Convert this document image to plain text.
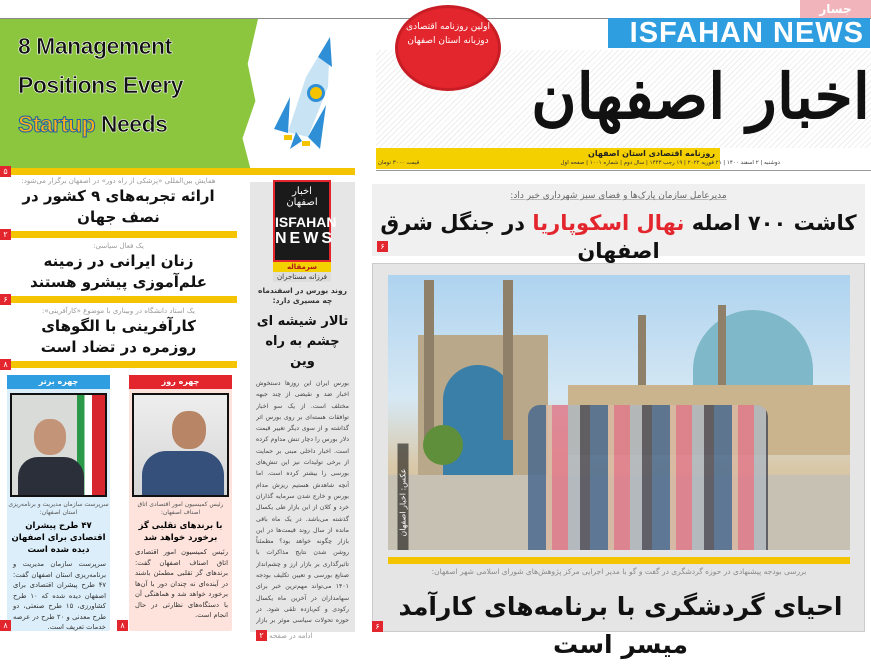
8 Management
Positions Every
Startup Needs
۵
همایش بین‌المللی «پزشکی از راه دور» در اصفهان برگزار می‌شود:
ارائه تجربه‌های ۹ کشور در نصف جهان
۲
یک فعال سیاسی:
زنان ایرانی در زمینه علم‌آموزی پیشرو هستند
۶
یک استاد دانشگاه در وبیناری با موضوع «کارآفرینی»:
کارآفرینی با الگوهای روزمره در تضاد است
۸
چهره برتر
سرپرست سازمان مدیریت و برنامه‌ریزی استان اصفهان:
۴۷ طرح پیشران اقتصادی برای اصفهان دیده شده است
سرپرست سازمان مدیریت و برنامه‌ریزی استان اصفهان گفت: ۴۷ طرح پیشران اقتصادی برای اصفهان دیده شده که ۱۰ طرح کشاورزی، ۱۵ طرح صنعتی، دو طرح معدنی و ۲۰ طرح در عرصه خدمات تعریف است.
۸
چهره روز
رئیس کمیسیون امور اقتصادی اتاق اصناف اصفهان:
با برندهای تقلبی گز برخورد خواهد شد
رئیس کمیسیون امور اقتصادی اتاق اصناف اصفهان گفت: برندهای گز تقلبی مطمئن باشند در آینده‌ای نه چندان دور با آن‌ها برخورد خواهد شد و هماهنگی آن با دستگاه‌های نظارتی در حال انجام است.
۸
روند بورس در اسفندماه چه مسیری دارد:
تالار شیشه ای چشم به راه وین
بورس ایران این روزها دستخوش اخبار ضد و نقیضی از چند جبهه مختلف است. از یک سو اخبار توافقات هسته‌ای بر روی بورس اثر گذاشته و از سوی دیگر تغییر قیمت دلار بورس را دچار تنش مداوم کرده است. اخبار داخلی مبنی بر حمایت از برخی تولیدات نیز این تنش‌های بورسی را بیشتر کرده است. اما آنچه شاهدش هستیم ریزش مدام بورس و خارج شدن سرمایه گذاران خرد و کلان از این بازار طی یکسال گذشته می‌باشد. در یک ماه باقی مانده از سال روند قیمت‌ها در این بازار چگونه خواهد بود؟ مطمئناً روشن شدن نتایج مذاکرات با تاثیرگذاری بر بازار ارز و چشم‌انداز صنایع بورسی و تعیین تکلیف بودجه ۱۴۰۱ می‌تواند مهم‌ترین خبر برای سهامداران در آخرین ماه یکسال رکودی و کم‌بازده تلقی شود. در حوزه تحولات سیاسی موثر بر بازار
ادامه در صفحه ۲
اخبار اصفهان
ISFAHAN
NEWS
سرمقاله
فرزانه مستاجران
جسار
ISFAHAN NEWS
اخبار اصفهان
اولین روزنامه اقتصادی دوزبانه استان اصفهان
روزنامه اقتصادی استان اصفهان
دوشنبه | ۲ اسفند ۱۴۰۰ | ۲۱ فوریه ۲۰۲۲ | ۱۹ رجب ۱۴۴۳ | سال دوم | شماره ۱۰۰۱ | صفحه اول
قیمت ۳۰۰۰ تومان
مدیرعامل سازمان پارک‌ها و فضای سبز شهرداری خبر داد:
کاشت ۷۰۰ اصله نهال اسکوپاریا در جنگل شرق اصفهان
۶
عکس: اخبار اصفهان
بررسی بودجه پیشنهادی در حوزه گردشگری در گفت و گو با مدیر اجرایی مرکز پژوهش‌های شورای اسلامی شهر اصفهان:
احیای گردشگری با برنامه‌های کارآمد میسر است
۶
